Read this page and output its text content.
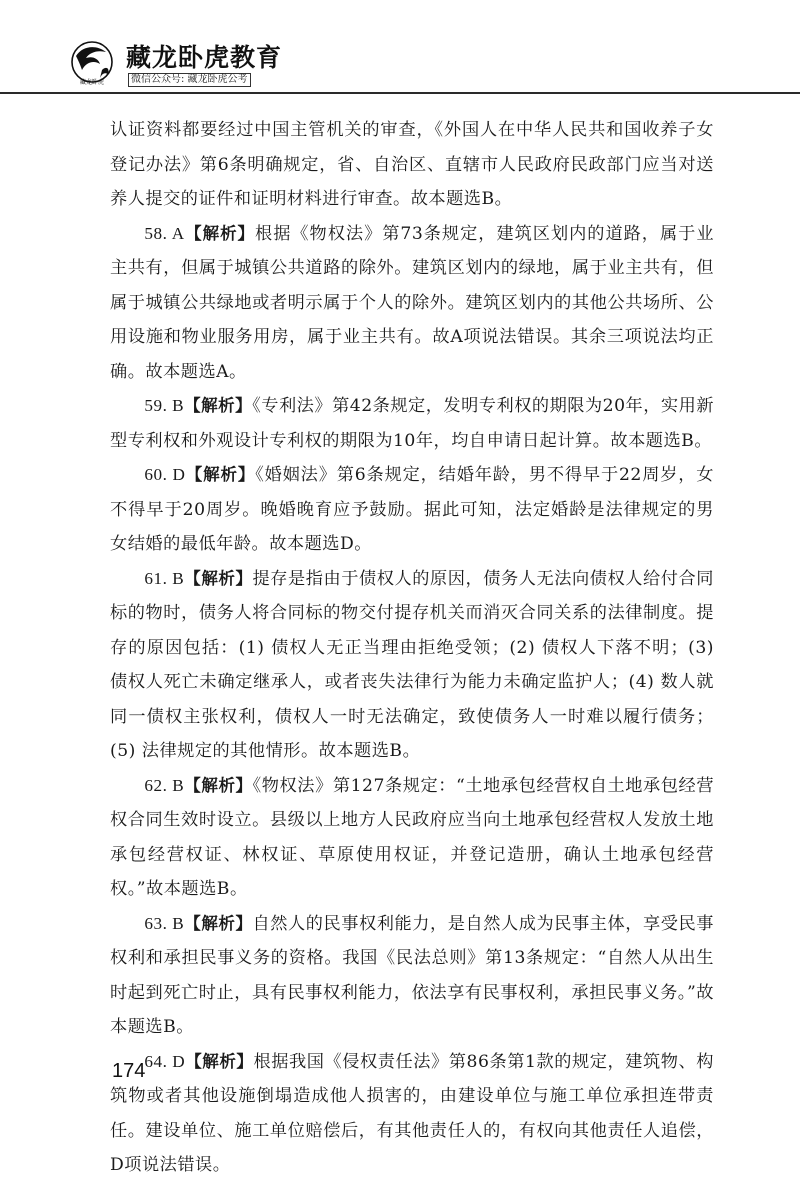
藏龙卧虎
藏龙卧虎教育
微信公众号: 藏龙卧虎公考

认证资料都要经过中国主管机关的审查，《外国人在中华人民共和国收养子女登记办法》第6条明确规定，省、自治区、直辖市人民政府民政部门应当对送养人提交的证件和证明材料进行审查。故本题选B。

58. A【解析】根据《物权法》第73条规定，建筑区划内的道路，属于业主共有，但属于城镇公共道路的除外。建筑区划内的绿地，属于业主共有，但属于城镇公共绿地或者明示属于个人的除外。建筑区划内的其他公共场所、公用设施和物业服务用房，属于业主共有。故A项说法错误。其余三项说法均正确。故本题选A。

59. B【解析】《专利法》第42条规定，发明专利权的期限为20年，实用新型专利权和外观设计专利权的期限为10年，均自申请日起计算。故本题选B。

60. D【解析】《婚姻法》第6条规定，结婚年龄，男不得早于22周岁，女不得早于20周岁。晚婚晚育应予鼓励。据此可知，法定婚龄是法律规定的男女结婚的最低年龄。故本题选D。

61. B【解析】提存是指由于债权人的原因，债务人无法向债权人给付合同标的物时，债务人将合同标的物交付提存机关而消灭合同关系的法律制度。提存的原因包括：(1) 债权人无正当理由拒绝受领；(2) 债权人下落不明；(3) 债权人死亡未确定继承人，或者丧失法律行为能力未确定监护人；(4) 数人就同一债权主张权利，债权人一时无法确定，致使债务人一时难以履行债务；(5) 法律规定的其他情形。故本题选B。

62. B【解析】《物权法》第127条规定：“土地承包经营权自土地承包经营权合同生效时设立。县级以上地方人民政府应当向土地承包经营权人发放土地承包经营权证、林权证、草原使用权证，并登记造册，确认土地承包经营权。”故本题选B。

63. B【解析】自然人的民事权利能力，是自然人成为民事主体，享受民事权利和承担民事义务的资格。我国《民法总则》第13条规定：“自然人从出生时起到死亡时止，具有民事权利能力，依法享有民事权利，承担民事义务。”故本题选B。

64. D【解析】根据我国《侵权责任法》第86条第1款的规定，建筑物、构筑物或者其他设施倒塌造成他人损害的，由建设单位与施工单位承担连带责任。建设单位、施工单位赔偿后，有其他责任人的，有权向其他责任人追偿，D项说法错误。

174
